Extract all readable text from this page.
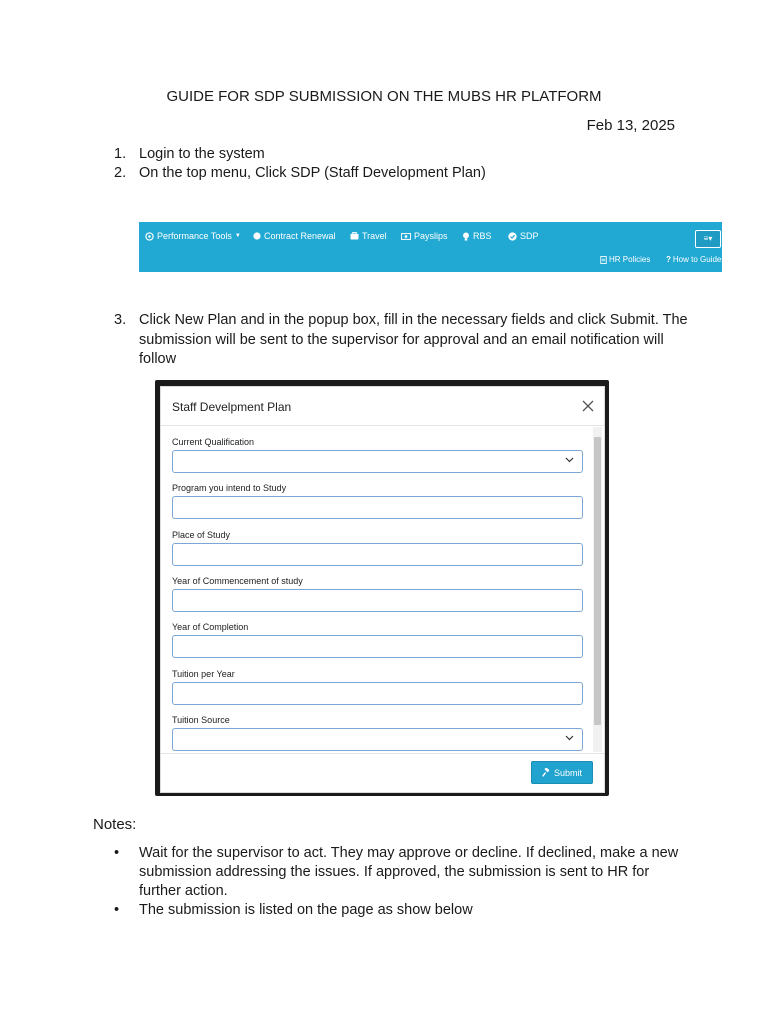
GUIDE FOR SDP SUBMISSION ON THE MUBS HR PLATFORM
Feb 13, 2025
1. Login to the system
2. On the top menu, Click SDP (Staff Development Plan)
3. Click New Plan and in the popup box, fill in the necessary fields and click Submit. The submission will be sent to the supervisor for approval and an email notification will follow
Performance Tools ▼	Contract Renewal	Travel	Payslips	RBS	SDP	≡▾
HR Policies ? How to Guides
Staff Develpment Plan
Current Qualification
Program you intend to Study
Place of Study
Year of Commencement of study
Year of Completion
Tuition per Year
Tuition Source
Submit
Notes:
• Wait for the supervisor to act. They may approve or decline. If declined, make a new submission addressing the issues. If approved, the submission is sent to HR for further action.
• The submission is listed on the page as show below
